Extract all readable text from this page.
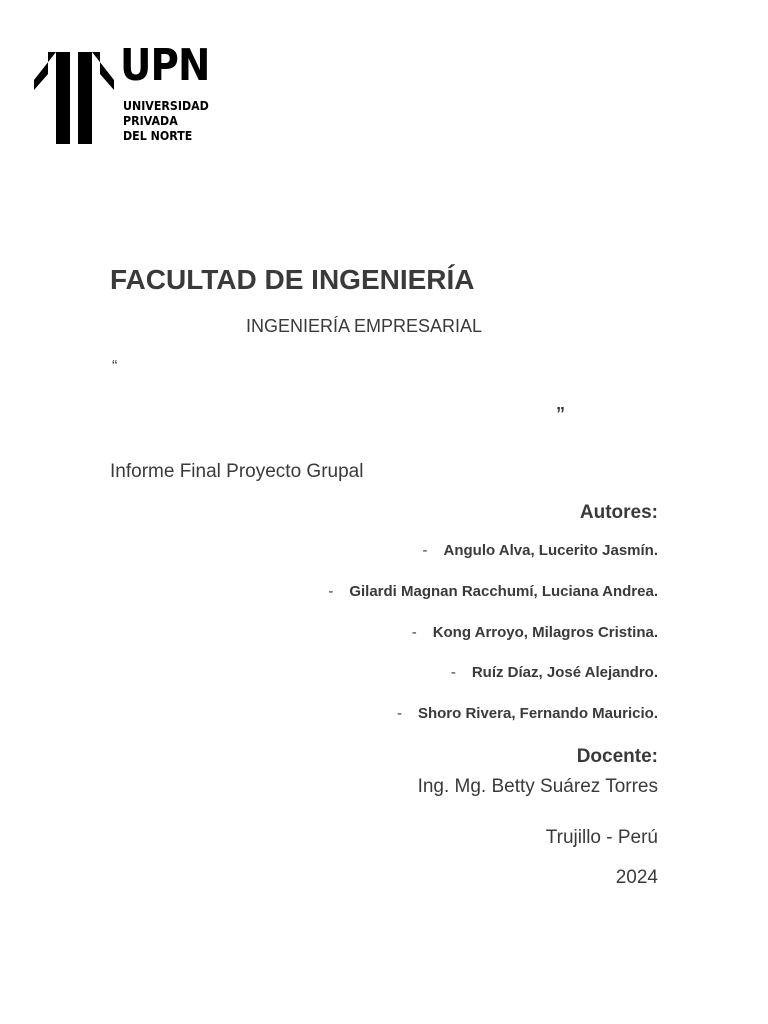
UPN
UNIVERSIDAD
PRIVADA
DEL NORTE
FACULTAD DE INGENIERÍA
INGENIERÍA EMPRESARIAL
“
”
Informe Final Proyecto Grupal
Autores:
- Angulo Alva, Lucerito Jasmín.
- Gilardi Magnan Racchumí, Luciana Andrea.
- Kong Arroyo, Milagros Cristina.
- Ruíz Díaz, José Alejandro.
- Shoro Rivera, Fernando Mauricio.
Docente:
Ing. Mg. Betty Suárez Torres
Trujillo - Perú
2024
